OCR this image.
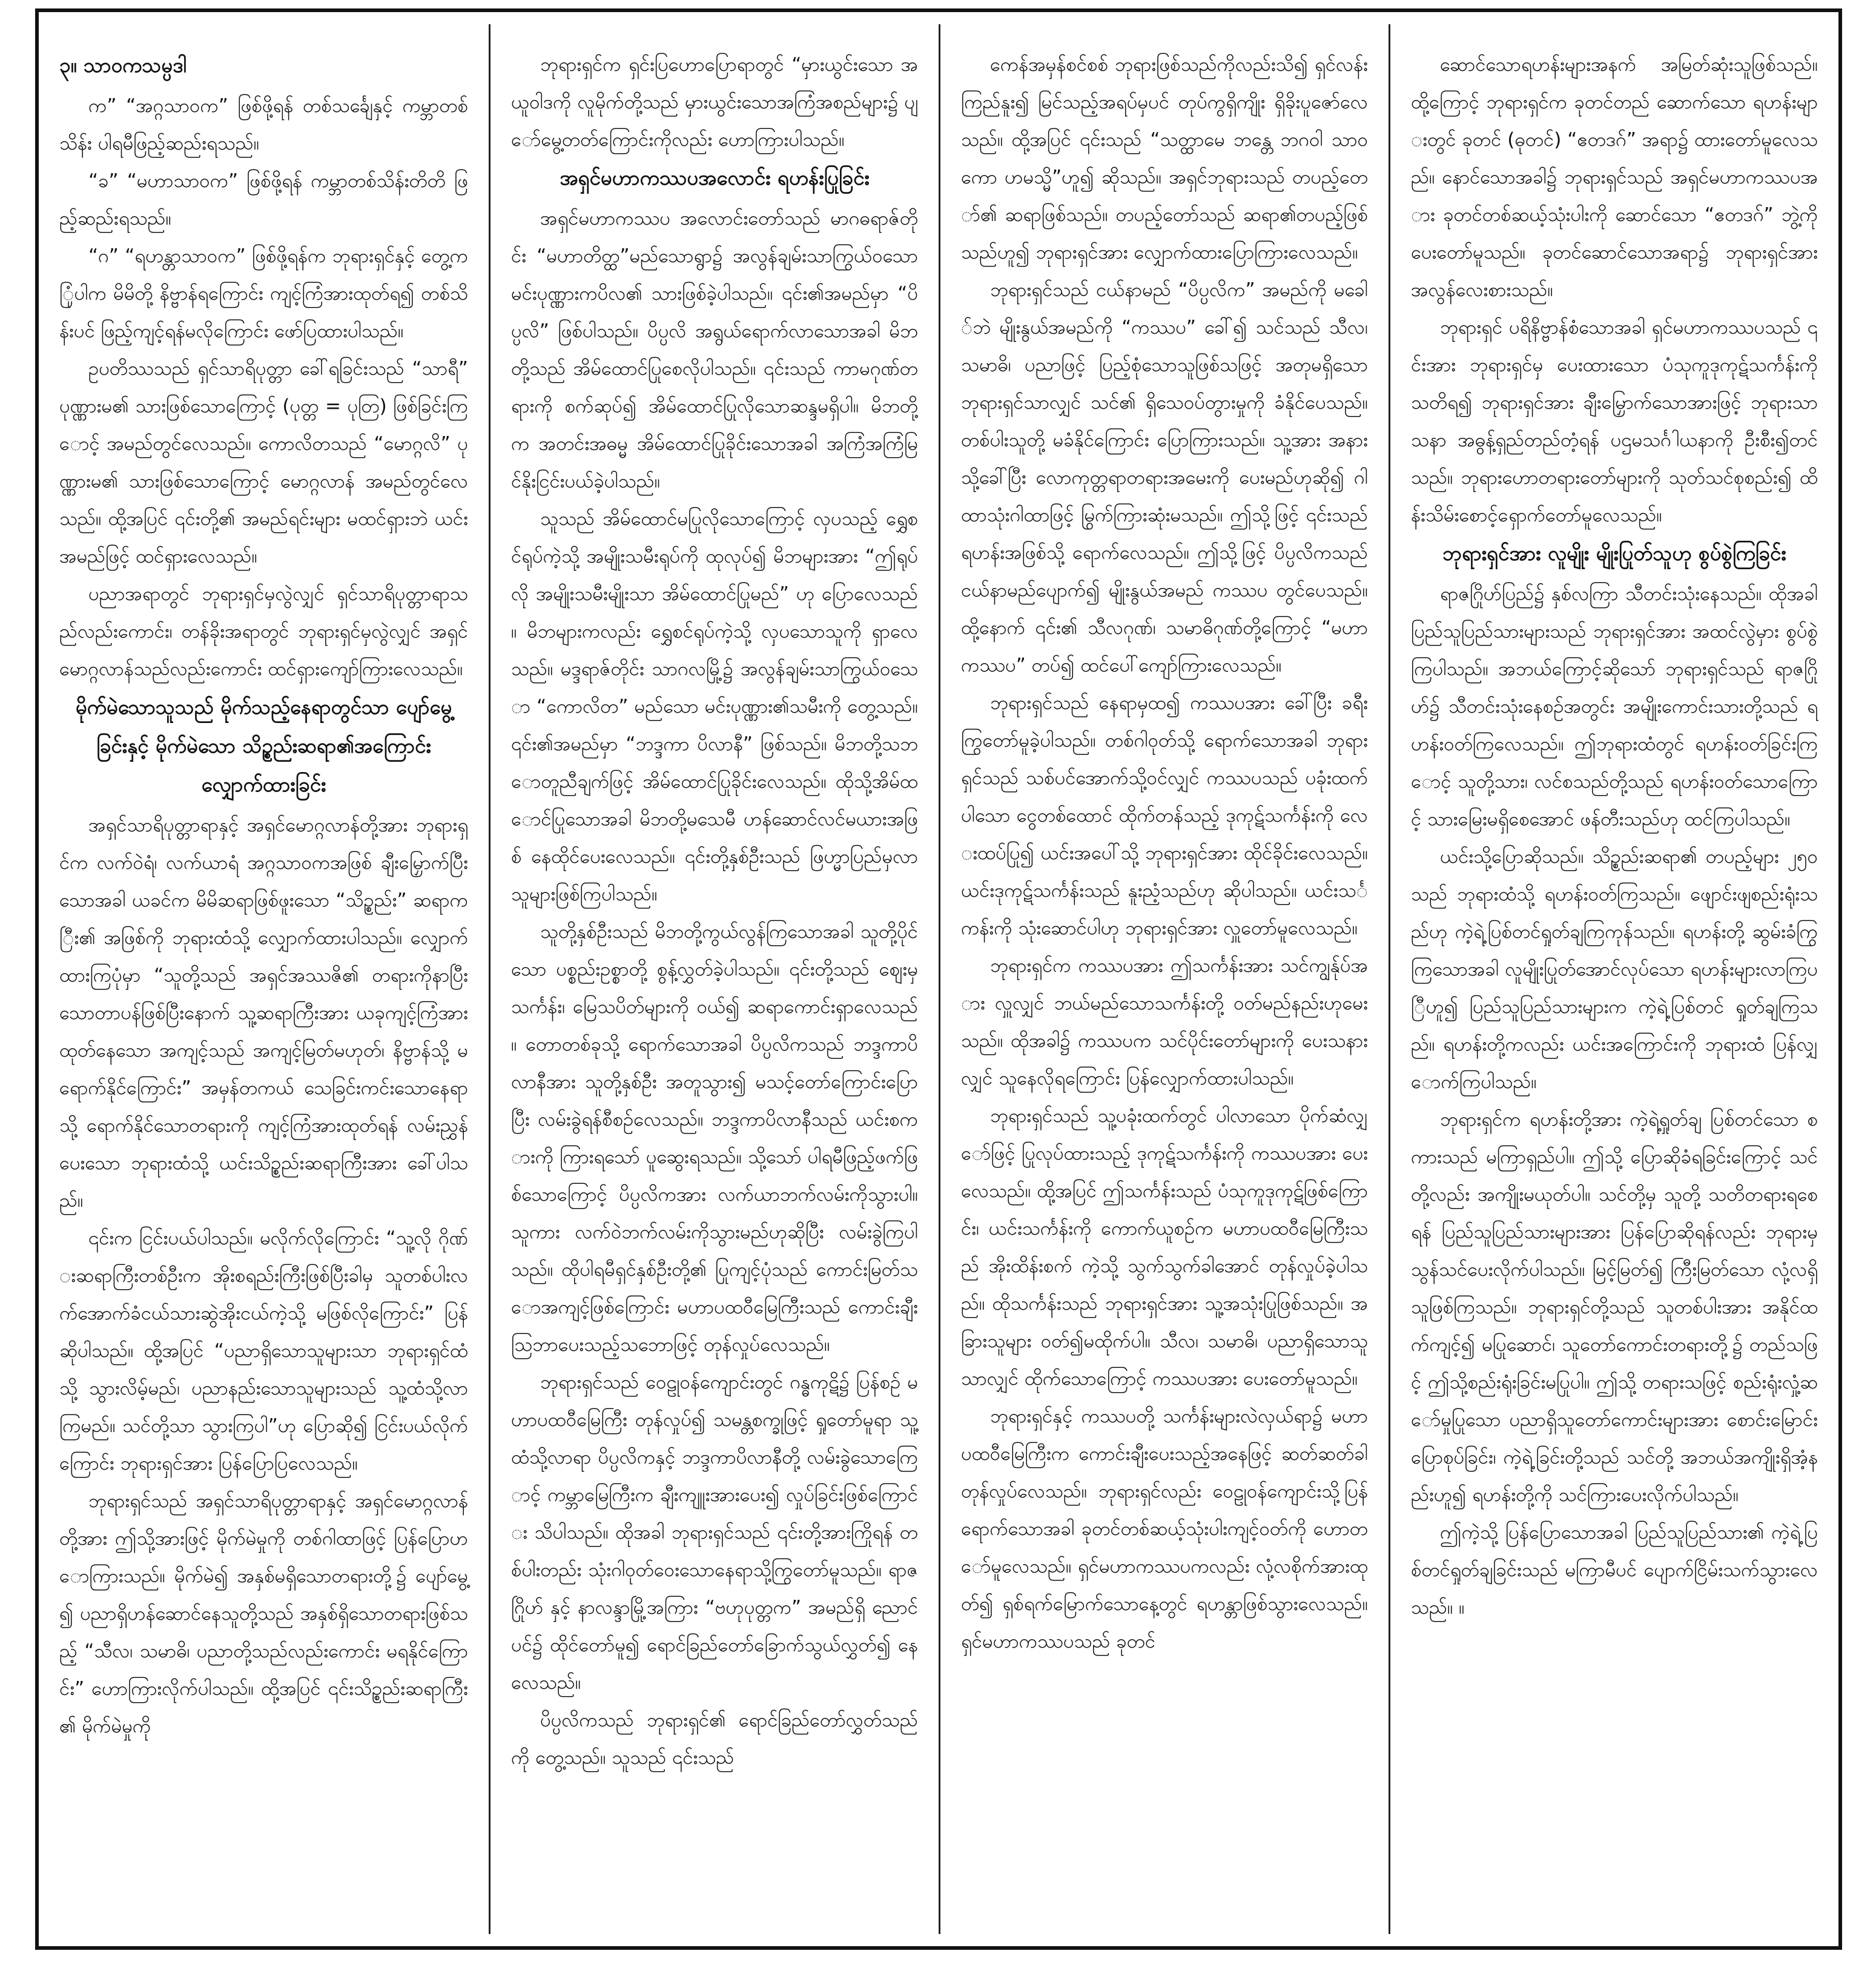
၃။ သာဝကသမ္ပဒါ

က” “အဂ္ဂသာဝက” ဖြစ်ဖို့ရန် တစ်သင်္ချေနှင့် ကမ္ဘာတစ်သိန်း ပါရမီဖြည့်ဆည်းရသည်။

“ခ” “မဟာသာဝက” ဖြစ်ဖို့ရန် ကမ္ဘာတစ်သိန်းတိတိ ဖြည့်ဆည်းရသည်။

“ဂ” “ရဟန္တာသာဝက” ဖြစ်ဖို့ရန်က ဘုရားရှင်နှင့် တွေ့ကြုံပါက မိမိတို့ နိဗ္ဗာန်ရကြောင်း ကျင့်ကြံအားထုတ်ရ၍ တစ်သိန်းပင် ဖြည့်ကျင့်ရန်မလိုကြောင်း ဖော်ပြထားပါသည်။

ဥပတိဿသည် ရှင်သာရိပုတ္တာ ခေါ်ရခြင်းသည် “သာရီ” ပုဏ္ဏားမ၏ သားဖြစ်သောကြောင့် (ပုတ္တ = ပုတြ) ဖြစ်ခြင်းကြောင့် အမည်တွင်လေသည်။ ကောလိတသည် “မောဂ္ဂလိ” ပုဏ္ဏားမ၏ သားဖြစ်သောကြောင့် မောဂ္ဂလာန် အမည်တွင်လေသည်။ ထို့အပြင် ၎င်းတို့၏ အမည်ရင်းများ မထင်ရှားဘဲ ယင်းအမည်ဖြင့် ထင်ရှားလေသည်။

ပညာအရာတွင် ဘုရားရှင်မှလွဲလျှင် ရှင်သာရိပုတ္တာရာသည်လည်းကောင်း၊ တန်ခိုးအရာတွင် ဘုရားရှင်မှလွဲလျှင် အရှင်မောဂ္ဂလာန်သည်လည်းကောင်း ထင်ရှားကျော်ကြားလေသည်။

မိုက်မဲသောသူသည် မိုက်သည့်နေရာတွင်သာ ပျော်မွေ့ခြင်းနှင့် မိုက်မဲသော သိဉ္စည်းဆရာ၏အကြောင်း လျှောက်ထားခြင်း

အရှင်သာရိပုတ္တာရာနှင့် အရှင်မောဂ္ဂလာန်တို့အား ဘုရားရှင်က လက်ဝဲရံ၊ လက်ယာရံ အဂ္ဂသာဝကအဖြစ် ချီးမြှောက်ပြီးသောအခါ ယခင်က မိမိဆရာဖြစ်ဖူးသော “သိဉ္စည်း” ဆရာကြီး၏ အဖြစ်ကို ဘုရားထံသို့ လျှောက်ထားပါသည်။ လျှောက်ထားကြပုံမှာ “သူတို့သည် အရှင်အဿဇိ၏ တရားကိုနာပြီး သောတာပန်ဖြစ်ပြီးနောက် သူ့ဆရာကြီးအား ယခုကျင့်ကြံအားထုတ်နေသော အကျင့်သည် အကျင့်မြတ်မဟုတ်၊ နိဗ္ဗာန်သို့ မရောက်နိုင်ကြောင်း” အမှန်တကယ် သေခြင်းကင်းသောနေရာသို့ ရောက်နိုင်သောတရားကို ကျင့်ကြံအားထုတ်ရန် လမ်းညွှန်ပေးသော ဘုရားထံသို့ ယင်းသိဉ္စည်းဆရာကြီးအား ခေါ်ပါသည်။

၎င်းက ငြင်းပယ်ပါသည်။ မလိုက်လိုကြောင်း “သူ့လို ဂိုဏ်းဆရာကြီးတစ်ဦးက အိုးစရည်းကြီးဖြစ်ပြီးခါမှ သူတစ်ပါးလက်အောက်ခံငယ်သားဆွဲအိုးငယ်ကဲ့သို့ မဖြစ်လိုကြောင်း” ပြန်ဆိုပါသည်။ ထို့အပြင် “ပညာရှိသောသူများသာ ဘုရားရှင်ထံသို့ သွားလိမ့်မည်၊ ပညာနည်းသောသူများသည် သူ့ထံသို့လာကြမည်။ သင်တို့သာ သွားကြပါ”ဟု ပြောဆို၍ ငြင်းပယ်လိုက်ကြောင်း ဘုရားရှင်အား ပြန်ပြောပြလေသည်။

ဘုရားရှင်သည် အရှင်သာရိပုတ္တာရာနှင့် အရှင်မောဂ္ဂလာန်တို့အား ဤသို့အားဖြင့် မိုက်မဲမှုကို တစ်ဂါထာဖြင့် ပြန်ပြောဟောကြားသည်။ မိုက်မဲ၍ အနှစ်မရှိသောတရားတို့၌ ပျော်မွေ့၍ ပညာရှိဟန်ဆောင်နေသူတို့သည် အနှစ်ရှိသောတရားဖြစ်သည့် “သီလ၊ သမာဓိ၊ ပညာတို့သည်လည်းကောင်း မရနိုင်ကြောင်း” ဟောကြားလိုက်ပါသည်။ ထို့အပြင် ၎င်းသိဉ္စည်းဆရာကြီး၏ မိုက်မဲမှုကို

ဘုရားရှင်က ရှင်းပြဟောပြောရာတွင် “မှားယွင်းသော အယူဝါဒကို လူမိုက်တို့သည် မှားယွင်းသောအကြံအစည်များ၌ ပျော်မွေ့တတ်ကြောင်းကိုလည်း ဟောကြားပါသည်။

အရှင်မဟာကဿပအလောင်း ရဟန်းပြုခြင်း

အရှင်မဟာကဿပ အလောင်းတော်သည် မာဂဓရာဇ်တိုင်း “မဟာတိတ္ထ”မည်သောရွာ၌ အလွန်ချမ်းသာကြွယ်ဝသော မင်းပုဏ္ဏားကပိလ၏ သားဖြစ်ခဲ့ပါသည်။ ၎င်း၏အမည်မှာ “ပိပ္ပလိ” ဖြစ်ပါသည်။ ပိပ္ပလိ အရွယ်ရောက်လာသောအခါ မိဘတို့သည် အိမ်ထောင်ပြုစေလိုပါသည်။ ၎င်းသည် ကာမဂုဏ်တရားကို စက်ဆုပ်၍ အိမ်ထောင်ပြုလိုသောဆန္ဒမရှိပါ။ မိဘတို့က အတင်းအဓမ္မ အိမ်ထောင်ပြုခိုင်းသောအခါ အကြံအကြံမြင်နိုးငြင်းပယ်ခဲ့ပါသည်။

သူသည် အိမ်ထောင်မပြုလိုသောကြောင့် လှပသည့် ရွှေစင်ရုပ်ကဲ့သို့ အမျိုးသမီးရုပ်ကို ထုလုပ်၍ မိဘများအား “ဤရုပ်လို အမျိုးသမီးမျိုးသာ အိမ်ထောင်ပြုမည်” ဟု ပြောလေသည်။ မိဘများကလည်း ရွှေစင်ရုပ်ကဲ့သို့ လှပသောသူကို ရှာလေသည်။ မဒ္ဒရာဇ်တိုင်း သာဂလမြို့၌ အလွန်ချမ်းသာကြွယ်ဝသော “ကောလိတ” မည်သော မင်းပုဏ္ဏား၏သမီးကို တွေ့သည်။ ၎င်း၏အမည်မှာ “ဘဒ္ဒကာ ပိလာနီ” ဖြစ်သည်။ မိဘတို့သဘောတူညီချက်ဖြင့် အိမ်ထောင်ပြုခိုင်းလေသည်။ ထိုသို့အိမ်ထောင်ပြုသောအခါ မိဘတို့မသေမီ ဟန်ဆောင်လင်မယားအဖြစ် နေထိုင်ပေးလေသည်။ ၎င်းတို့နှစ်ဦးသည် ဖြဟ္မာပြည်မှလာသူများဖြစ်ကြပါသည်။

သူတို့နှစ်ဦးသည် မိဘတို့ကွယ်လွန်ကြသောအခါ သူတို့ပိုင်သော ပစ္စည်းဥစ္စာတို့ စွန့်လွှတ်ခဲ့ပါသည်။ ၎င်းတို့သည် ဈေးမှသင်္ကန်း၊ မြေသပိတ်များကို ဝယ်၍ ဆရာကောင်းရှာလေသည်။ တောတစ်ခုသို့ ရောက်သောအခါ ပိပ္ပလိကသည် ဘဒ္ဒကာပိလာနီအား သူတို့နှစ်ဦး အတူသွား၍ မသင့်တော်ကြောင်းပြောပြီး လမ်းခွဲရန်စီစဉ်လေသည်။ ဘဒ္ဒကာပိလာနီသည် ယင်းစကားကို ကြားရသော် ပူဆွေးရသည်။ သို့သော် ပါရမီဖြည့်ဖက်ဖြစ်သောကြောင့် ပိပ္ပလိကအား လက်ယာဘက်လမ်းကိုသွားပါ။ သူကား လက်ဝဲဘက်လမ်းကိုသွားမည်ဟုဆိုပြီး လမ်းခွဲကြပါသည်။ ထိုပါရမီရှင်နှစ်ဦးတို့၏ ပြုကျင့်ပုံသည် ကောင်းမြတ်သောအကျင့်ဖြစ်ကြောင်း မဟာပထဝီမြေကြီးသည် ကောင်းချီးသြဘာပေးသည့်သဘောဖြင့် တုန်လှုပ်လေသည်။

ဘုရားရှင်သည် ဝေဠုဝန်ကျောင်းတွင် ဂန္ဓကုဋိ၌ ပြန်စဉ် မဟာပထဝီမြေကြီး တုန်လှုပ်၍ သမန္တစက္ခုဖြင့် ရှုတော်မူရာ သူ့ထံသို့လာရာ ပိပ္ပလိကနှင့် ဘဒ္ဒကာပိလာနီတို့ လမ်းခွဲသောကြောင့် ကမ္ဘာမြေကြီးက ချီးကျူးအားပေး၍ လှုပ်ခြင်းဖြစ်ကြောင်း သိပါသည်။ ထိုအခါ ဘုရားရှင်သည် ၎င်းတို့အားကြိုရန် တစ်ပါးတည်း သုံးဂါဝုတ်ဝေးသောနေရာသို့ကြွတော်မူသည်။ ရာဇဂြိုဟ် နှင့် နာလန္ဒာမြို့အကြား “ဗဟုပုတ္တက” အမည်ရှိ ညောင်ပင်၌ ထိုင်တော်မူ၍ ရောင်ခြည်တော်ခြောက်သွယ်လွှတ်၍ နေလေသည်။

ပိပ္ပလိကသည် ဘုရားရှင်၏ ရောင်ခြည်တော်လွှတ်သည်ကို တွေ့သည်။ သူသည် ၎င်းသည်

ကေန်အမှန်စင်စစ် ဘုရားဖြစ်သည်ကိုလည်းသိ၍ ရှင်လန်းကြည်နူး၍ မြင်သည့်အရပ်မှပင် တုပ်ကွရှိကျိုး ရှိခိုးပူဇော်လေသည်။ ထို့အပြင် ၎င်းသည် “သတ္ထာမေ ဘန္တေ ဘဂဝါ သာဝကော ဟမသ္မိ”ဟူ၍ ဆိုသည်။ အရှင်ဘုရားသည် တပည့်တော်၏ ဆရာဖြစ်သည်။ တပည့်တော်သည် ဆရာ၏တပည့်ဖြစ်သည်ဟူ၍ ဘုရားရှင်အား လျှောက်ထားပြောကြားလေသည်။

ဘုရားရှင်သည် ငယ်နာမည် “ပိပ္ပလိက” အမည်ကို မခေါ်ဘဲ မျိုးနွယ်အမည်ကို “ကဿပ” ခေါ်၍ သင်သည် သီလ၊ သမာဓိ၊ ပညာဖြင့် ပြည့်စုံသောသူဖြစ်သဖြင့် အတုမရှိသော ဘုရားရှင်သာလျှင် သင်၏ ရှိသေဝပ်တွားမှုကို ခံနိုင်ပေသည်။ တစ်ပါးသူတို့ မခံနိုင်ကြောင်း ပြောကြားသည်။ သူ့အား အနားသို့ခေါ်ပြီး လောကုတ္တရာတရားအမေးကို ပေးမည်ဟုဆို၍ ဂါထာသုံးဂါထာဖြင့် မြွက်ကြားဆုံးမသည်။ ဤသို့ဖြင့် ၎င်းသည် ရဟန်းအဖြစ်သို့ ရောက်လေသည်။ ဤသို့ဖြင့် ပိပ္ပလိကသည် ငယ်နာမည်ပျောက်၍ မျိုးနွယ်အမည် ကဿပ တွင်ပေသည်။ ထို့နောက် ၎င်း၏ သီလဂုဏ်၊ သမာဓိဂုဏ်တို့ကြောင့် “မဟာကဿပ” တပ်၍ ထင်ပေါ်ကျော်ကြားလေသည်။

ဘုရားရှင်သည် နေရာမှထ၍ ကဿပအား ခေါ်ပြီး ခရီးကြွတော်မူခဲ့ပါသည်။ တစ်ဂါဝုတ်သို့ ရောက်သောအခါ ဘုရားရှင်သည် သစ်ပင်အောက်သို့ဝင်လျှင် ကဿပသည် ပခုံးထက်ပါသော ငွေတစ်ထောင် ထိုက်တန်သည့် ဒုကုဋ်သင်္ကန်းကို လေးထပ်ပြု၍ ယင်းအပေါ်သို့ ဘုရားရှင်အား ထိုင်ခိုင်းလေသည်။ ယင်းဒုကုဋ်သင်္ကန်းသည် နူးညံ့သည်ဟု ဆိုပါသည်။ ယင်းသင်္ကန်းကို သုံးဆောင်ပါဟု ဘုရားရှင်အား လှူတော်မူလေသည်။

ဘုရားရှင်က ကဿပအား ဤသင်္ကန်းအား သင်ကျွန်ုပ်အား လှူလျှင် ဘယ်မည်သောသင်္ကန်းတို့ ဝတ်မည်နည်းဟုမေးသည်။ ထိုအခါ၌ ကဿပက သင်ပိုင်းတော်များကို ပေးသနားလျှင် သူနေလိုရကြောင်း ပြန်လျှောက်ထားပါသည်။

ဘုရားရှင်သည် သူ့ပခုံးထက်တွင် ပါလာသော ပိုက်ဆံလျှော်ဖြင့် ပြုလုပ်ထားသည့် ဒုကုဋ်သင်္ကန်းကို ကဿပအား ပေးလေသည်။ ထို့အပြင် ဤသင်္ကန်းသည် ပံသုကူဒုကုဋ်ဖြစ်ကြောင်း၊ ယင်းသင်္ကန်းကို ကောက်ယူစဉ်က မဟာပထဝီမြေကြီးသည် အိုးထိန်းစက် ကဲ့သို့ သွက်သွက်ခါအောင် တုန်လှုပ်ခဲ့ပါသည်။ ထိုသင်္ကန်းသည် ဘုရားရှင်အား သူ့အသုံးပြုဖြစ်သည်။ အခြားသူများ ဝတ်၍မထိုက်ပါ။ သီလ၊ သမာဓိ၊ ပညာရှိသောသူသာလျှင် ထိုက်သောကြောင့် ကဿပအား ပေးတော်မူသည်။

ဘုရားရှင်နှင့် ကဿပတို့ သင်္ကန်းများလဲလှယ်ရာ၌ မဟာပထဝီမြေကြီးက ကောင်းချီးပေးသည့်အနေဖြင့် ဆတ်ဆတ်ခါ တုန်လှုပ်လေသည်။ ဘုရားရှင်လည်း ဝေဠုဝန်ကျောင်းသို့ပြန်ရောက်သောအခါ ခုတင်တစ်ဆယ့်သုံးပါးကျင့်ဝတ်ကို ဟောတော်မူလေသည်။ ရှင်မဟာကဿပကလည်း လုံ့လစိုက်အားထုတ်၍ ရှစ်ရက်မြောက်သောနေ့တွင် ရဟန္တာဖြစ်သွားလေသည်။ ရှင်မဟာကဿပသည် ခုတင်

ဆောင်သောရဟန်းများအနက် အမြတ်ဆုံးသူဖြစ်သည်။ ထို့ကြောင့် ဘုရားရှင်က ခုတင်တည် ဆောက်သော ရဟန်းများတွင် ခုတင် (ဓုတင်) “ဧတဒဂ်” အရာ၌ ထားတော်မူလေသည်။ နောင်သောအခါ၌ ဘုရားရှင်သည် အရှင်မဟာကဿပအား ခုတင်တစ်ဆယ့်သုံးပါးကို ဆောင်သော “ဧတဒဂ်” ဘွဲ့ကို ပေးတော်မူသည်။ ခုတင်ဆောင်သောအရာ၌ ဘုရားရှင်အား အလွန်လေးစားသည်။

ဘုရားရှင် ပရိနိဗ္ဗာန်စံသောအခါ ရှင်မဟာကဿပသည် ၎င်းအား ဘုရားရှင်မှ ပေးထားသော ပံသုကူဒုကုဋ်သင်္ကန်းကို သတိရ၍ ဘုရားရှင်အား ချီးမြှောက်သောအားဖြင့် ဘုရားသာသနာ အဓွန့်ရှည်တည်တံ့ရန် ပဌမသင်္ဂါယနာကို ဦးစီး၍တင်သည်။ ဘုရားဟောတရားတော်များကို သုတ်သင်စုစည်း၍ ထိန်းသိမ်းစောင့်ရှောက်တော်မူလေသည်။

ဘုရားရှင်အား လူမျိုး မျိုးပြုတ်သူဟု စွပ်စွဲကြခြင်း

ရာဇဂြိုဟ်ပြည်၌ နှစ်လကြာ သီတင်းသုံးနေသည်။ ထိုအခါ ပြည်သူပြည်သားများသည် ဘုရားရှင်အား အထင်လွဲမှား စွပ်စွဲကြပါသည်။ အဘယ်ကြောင့်ဆိုသော် ဘုရားရှင်သည် ရာဇဂြိုဟ်၌ သီတင်းသုံးနေစဉ်အတွင်း အမျိုးကောင်းသားတို့သည် ရဟန်းဝတ်ကြလေသည်။ ဤဘုရားထံတွင် ရဟန်းဝတ်ခြင်းကြောင့် သူတို့သား၊ လင်စသည်တို့သည် ရဟန်းဝတ်သောကြောင့် သားမြေးမရှိစေအောင် ဖန်တီးသည်ဟု ထင်ကြပါသည်။

ယင်းသို့ပြောဆိုသည်။ သိဉ္စည်းဆရာ၏ တပည့်များ ၂၅၀ သည် ဘုရားထံသို့ ရဟန်းဝတ်ကြသည်။ ဖျောင်းဖျစည်းရုံးသည်ဟု ကဲ့ရဲ့ပြစ်တင်ရှုတ်ချကြကုန်သည်။ ရဟန်းတို့ ဆွမ်းခံကြွကြသောအခါ လူမျိုးပြုတ်အောင်လုပ်သော ရဟန်းများလာကြပြီဟူ၍ ပြည်သူပြည်သားများက ကဲ့ရဲ့ပြစ်တင် ရှုတ်ချကြသည်။ ရဟန်းတို့ကလည်း ယင်းအကြောင်းကို ဘုရားထံ ပြန်လျှောက်ကြပါသည်။

ဘုရားရှင်က ရဟန်းတို့အား ကဲ့ရဲ့ရှုတ်ချ ပြစ်တင်သော စကားသည် မကြာရှည်ပါ။ ဤသို့ ပြောဆိုခံရခြင်းကြောင့် သင်တို့လည်း အကျိုးမယုတ်ပါ။ သင်တို့မှ သူတို့ သတိတရားရစေရန် ပြည်သူပြည်သားများအား ပြန်ပြောဆိုရန်လည်း ဘုရားမှ သွန်သင်ပေးလိုက်ပါသည်။ မြင့်မြတ်၍ ကြီးမြတ်သော လုံ့လရှိသူဖြစ်ကြသည်။ ဘုရားရှင်တို့သည် သူတစ်ပါးအား အနိုင်ထက်ကျင့်၍ မပြုဆောင်၊ သူတော်ကောင်းတရားတို့၌ တည်သဖြင့် ဤသို့စည်းရုံးခြင်းမပြုပါ။ ဤသို့ တရားသဖြင့် စည်းရုံးလှုံ့ဆော်မှုပြုသော ပညာရှိသူတော်ကောင်းများအား စောင်းမြောင်းပြောစုပ်ခြင်း၊ ကဲ့ရဲ့ခြင်းတို့သည် သင်တို့ အဘယ်အကျိုးရှိအံ့နည်းဟူ၍ ရဟန်းတို့ကို သင်ကြားပေးလိုက်ပါသည်။

ဤကဲ့သို့ ပြန်ပြောသောအခါ ပြည်သူပြည်သား၏ ကဲ့ရဲ့ပြစ်တင်ရှုတ်ချခြင်းသည် မကြာမီပင် ပျောက်ငြိမ်းသက်သွားလေသည်။ ။
